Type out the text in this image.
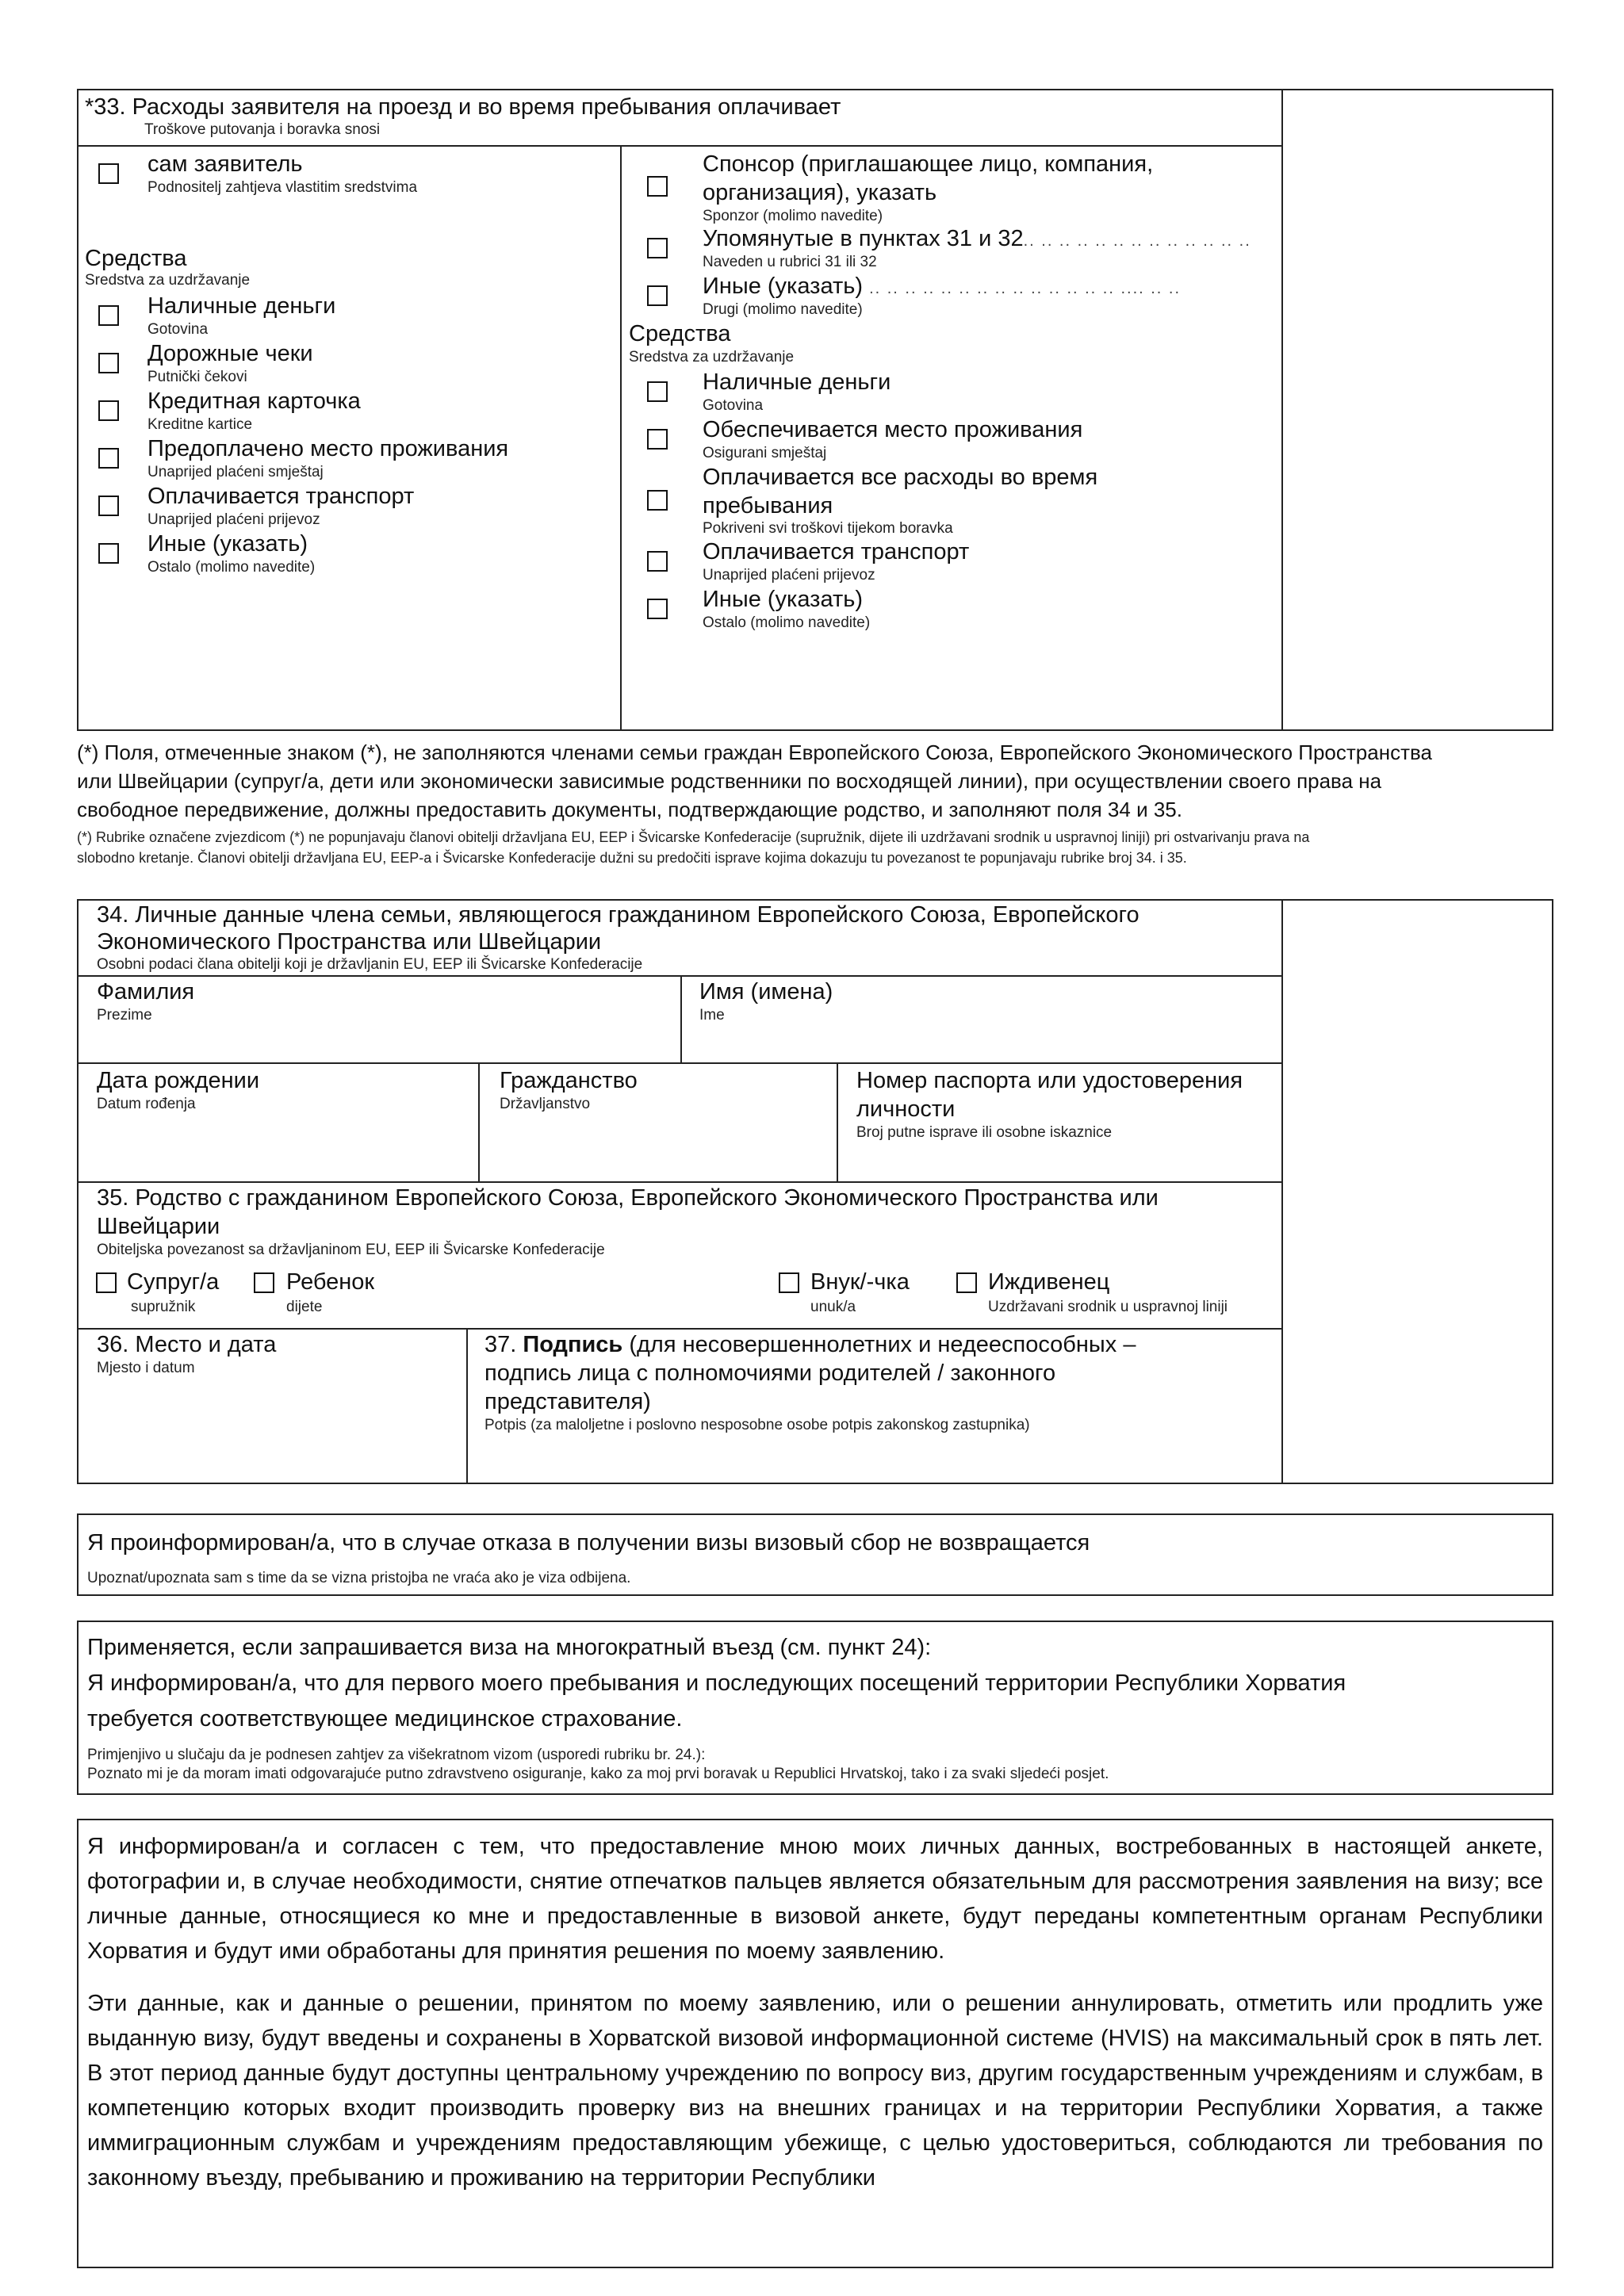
*33. Расходы заявителя на проезд и во время пребывания оплачивает
Troškove putovanja i boravka snosi
сам заявитель
Podnositelj zahtjeva vlastitim sredstvima
Средства
Sredstva za uzdržavanje
Наличные деньги
Gotovina
Дорожные чеки
Putnički čekovi
Кредитная карточка
Kreditne kartice
Предоплачено место проживания
Unaprijed plaćeni smještaj
Оплачивается транспорт
Unaprijed plaćeni prijevoz
Иные (указать)
Ostalo (molimo navedite)
Спонсор (приглашающее лицо, компания,
организация), указать
Sponzor (molimo navedite)
Упомянутые в пунктах 31 и 32.. .. .. .. .. .. .. .. .. .. .. .. ..
Naveden u rubrici 31 ili 32
Иные (указать) .. .. .. .. .. .. .. .. .. .. .. .. .. .. .... .. ..
Drugi (molimo navedite)
Средства
Sredstva za uzdržavanje
Наличные деньги
Gotovina
Обеспечивается место проживания
Osigurani smještaj
Оплачивается все расходы во время
пребывания
Pokriveni svi troškovi tijekom boravka
Оплачивается транспорт
Unaprijed plaćeni prijevoz
Иные (указать)
Ostalo (molimo navedite)
(*) Поля, отмеченные знаком (*), не заполняются членами семьи граждан Европейского Союза, Европейского Экономического Пространства
или Швейцарии (супруг/а, дети или экономически зависимые родственники по восходящей линии), при осуществлении своего права на
свободное передвижение, должны предоставить документы, подтверждающие родство, и заполняют поля 34 и 35.
(*) Rubrike označene zvjezdicom (*) ne popunjavaju članovi obitelji državljana EU, EEP i Švicarske Konfederacije (supružnik, dijete ili uzdržavani srodnik u uspravnoj liniji) pri ostvarivanju prava na
slobodno kretanje. Članovi obitelji državljana EU, EEP-a i Švicarske Konfederacije dužni su predočiti isprave kojima dokazuju tu povezanost te popunjavaju rubrike broj 34. i 35.
34. Личные данные члена семьи, являющегося гражданином Европейского Союза, Европейского
Экономического Пространства или Швейцарии
Osobni podaci člana obitelji koji je državljanin EU, EEP ili Švicarske Konfederacije
Фамилия
Prezime
Имя (имена)
Ime
Дата рождении
Datum rođenja
Гражданство
Državljanstvo
Номер паспорта или удостоверения
личности
Broj putne isprave ili osobne iskaznice
35. Родство с гражданином Европейского Союза, Европейского Экономического Пространства или
Швейцарии
Obiteljska povezanost sa državljaninom EU, EEP ili Švicarske Konfederacije
Супруг/а
supružnik
Ребенок
dijete
Внук/-чка
unuk/a
Иждивенец
Uzdržavani srodnik u uspravnoj liniji
36. Место и дата
Mjesto i datum
37. Подпись (для несовершеннолетних и недееспособных –
подпись лица с полномочиями родителей / законного
представителя)
Potpis (za maloljetne i poslovno nesposobne osobe potpis zakonskog zastupnika)
Я проинформирован/а, что в случае отказа в получении визы визовый сбор не возвращается
Upoznat/upoznata sam s time da se vizna pristojba ne vraća ako je viza odbijena.
Применяется, если запрашивается виза на многократный въезд (см. пункт 24):
Я информирован/а, что для первого моего пребывания и последующих посещений территории Республики Хорватия
требуется соответствующее медицинское страхование.
Primjenjivo u slučaju da je podnesen zahtjev za višekratnom vizom (usporedi rubriku br. 24.):
Poznato mi je da moram imati odgovarajuće putno zdravstveno osiguranje, kako za moj prvi boravak u Republici Hrvatskoj, tako i za svaki sljedeći posjet.
Я информирован/а и согласен с тем, что предоставление мною моих личных данных, востребованных в настоящей анкете, фотографии и, в случае необходимости, снятие отпечатков пальцев является обязательным для рассмотрения заявления на визу; все личные данные, относящиеся ко мне и предоставленные в визовой анкете, будут переданы компетентным органам Республики Хорватия и будут ими обработаны для принятия решения по моему заявлению.
Эти данные, как и данные о решении, принятом по моему заявлению, или о решении аннулировать, отметить или продлить уже выданную визу, будут введены и сохранены в Хорватской визовой информационной системе (HVIS) на максимальный срок в пять лет. В этот период данные будут доступны центральному учреждению по вопросу виз, другим государственным учреждениям и службам, в компетенцию которых входит производить проверку виз на внешних границах и на территории Республики Хорватия, а также иммиграционным службам и учреждениям предоставляющим убежище, с целью удостовериться, соблюдаются ли требования по законному въезду, пребыванию и проживанию на территории Республики
